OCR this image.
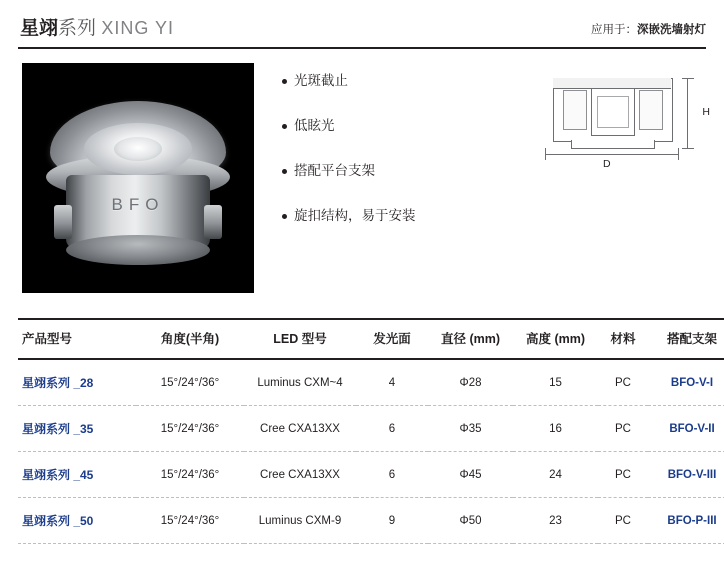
星翊系列 XING YI	应用于：深嵌洗墙射灯
BFO
光斑截止
低眩光
搭配平台支架
旋扣结构，易于安装
D
H
产品型号	角度(半角)	LED 型号	发光面	直径 (mm)	高度 (mm)	材料	搭配支架
星翊系列 _28	15°/24°/36°	Luminus CXM~4	4	Φ28	15	PC	BFO-V-I
星翊系列 _35	15°/24°/36°	Cree CXA13XX	6	Φ35	16	PC	BFO-V-II
星翊系列 _45	15°/24°/36°	Cree CXA13XX	6	Φ45	24	PC	BFO-V-III
星翊系列 _50	15°/24°/36°	Luminus CXM-9	9	Φ50	23	PC	BFO-P-III
